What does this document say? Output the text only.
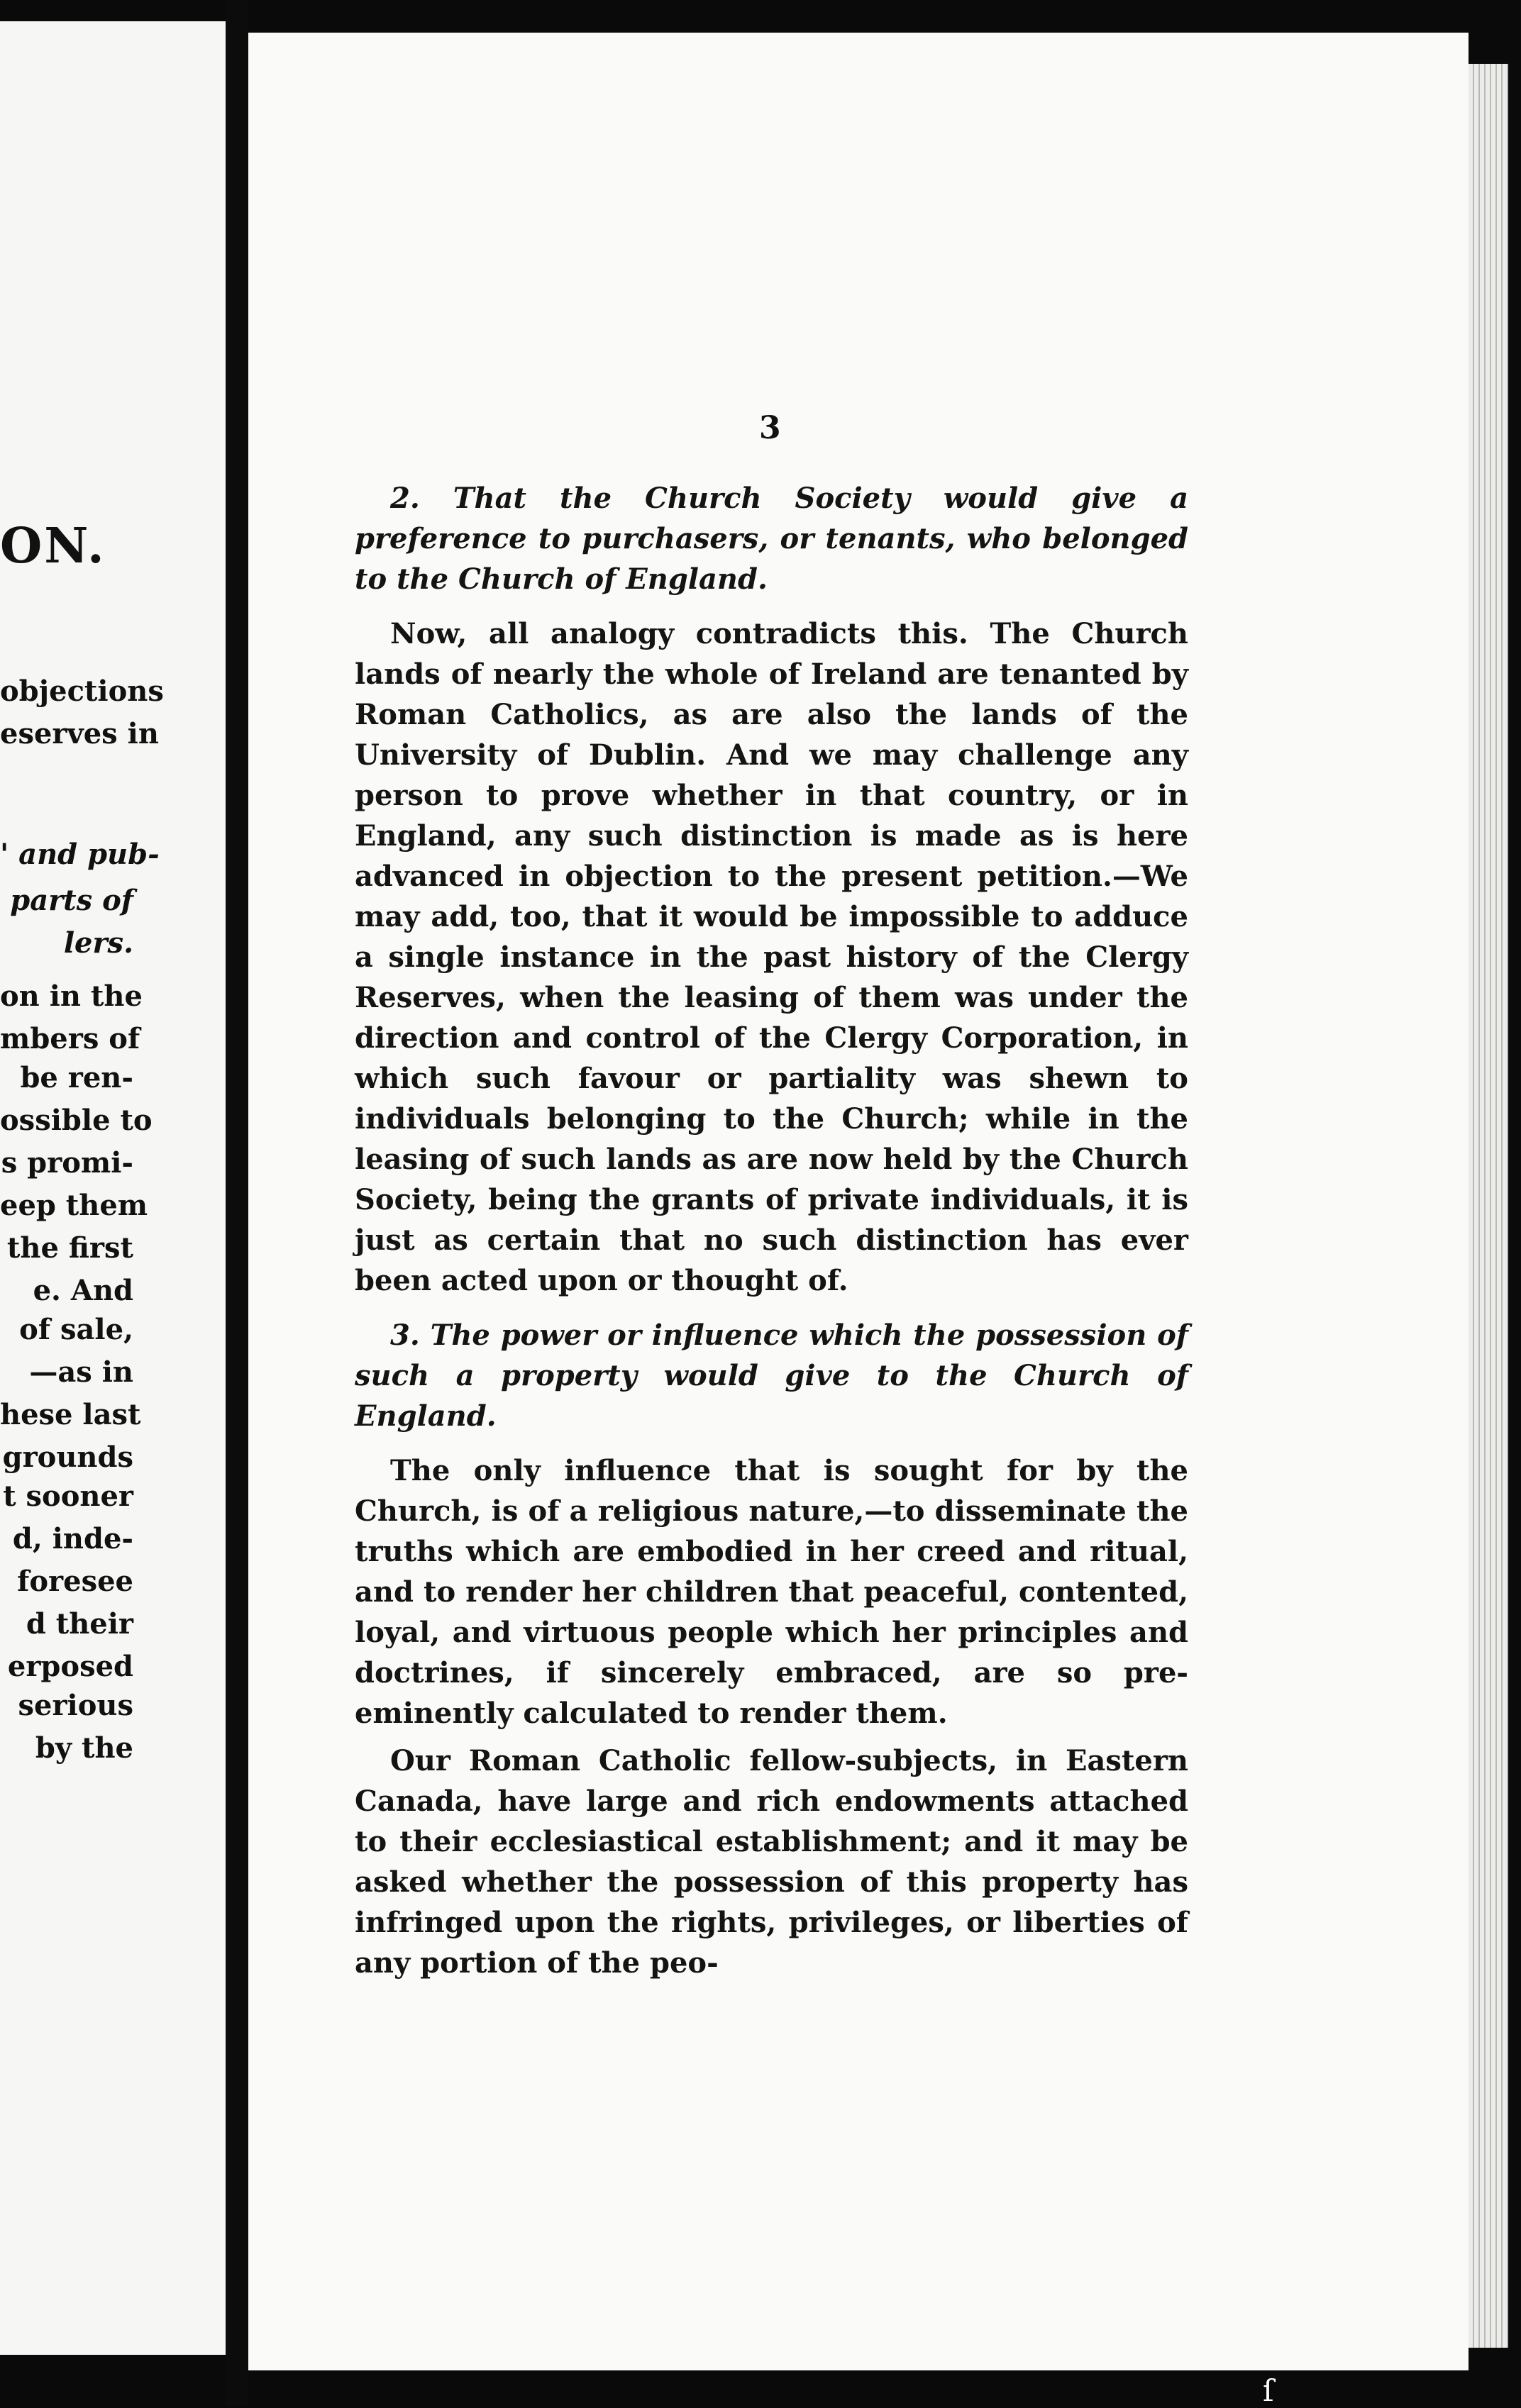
ON.
objections
eserves in
' and pub-
parts of
lers.
on in the
mbers of
be ren-
ossible to
s promi-
eep them
the first
e. And
of sale,
—as in
hese last
grounds
t sooner
d, inde-
foresee
d their
erposed
serious
by the
3

2. That the Church Society would give a preference to purchasers, or tenants, who belonged to the Church of England.

Now, all analogy contradicts this. The Church lands of nearly the whole of Ireland are tenanted by Roman Catholics, as are also the lands of the University of Dublin. And we may challenge any person to prove whether in that country, or in England, any such distinction is made as is here advanced in objection to the present petition.—We may add, too, that it would be impossible to adduce a single instance in the past history of the Clergy Reserves, when the leasing of them was under the direction and control of the Clergy Corporation, in which such favour or partiality was shewn to individuals belonging to the Church; while in the leasing of such lands as are now held by the Church Society, being the grants of private individuals, it is just as certain that no such distinction has ever been acted upon or thought of.

3. The power or influence which the possession of such a property would give to the Church of England.

The only influence that is sought for by the Church, is of a religious nature,—to disseminate the truths which are embodied in her creed and ritual, and to render her children that peaceful, contented, loyal, and virtuous people which her principles and doctrines, if sincerely embraced, are so pre-eminently calculated to render them.

Our Roman Catholic fellow-subjects, in Eastern Canada, have large and rich endowments attached to their ecclesiastical establishment; and it may be asked whether the possession of this property has infringed upon the rights, privileges, or liberties of any portion of the peo-

ſ
